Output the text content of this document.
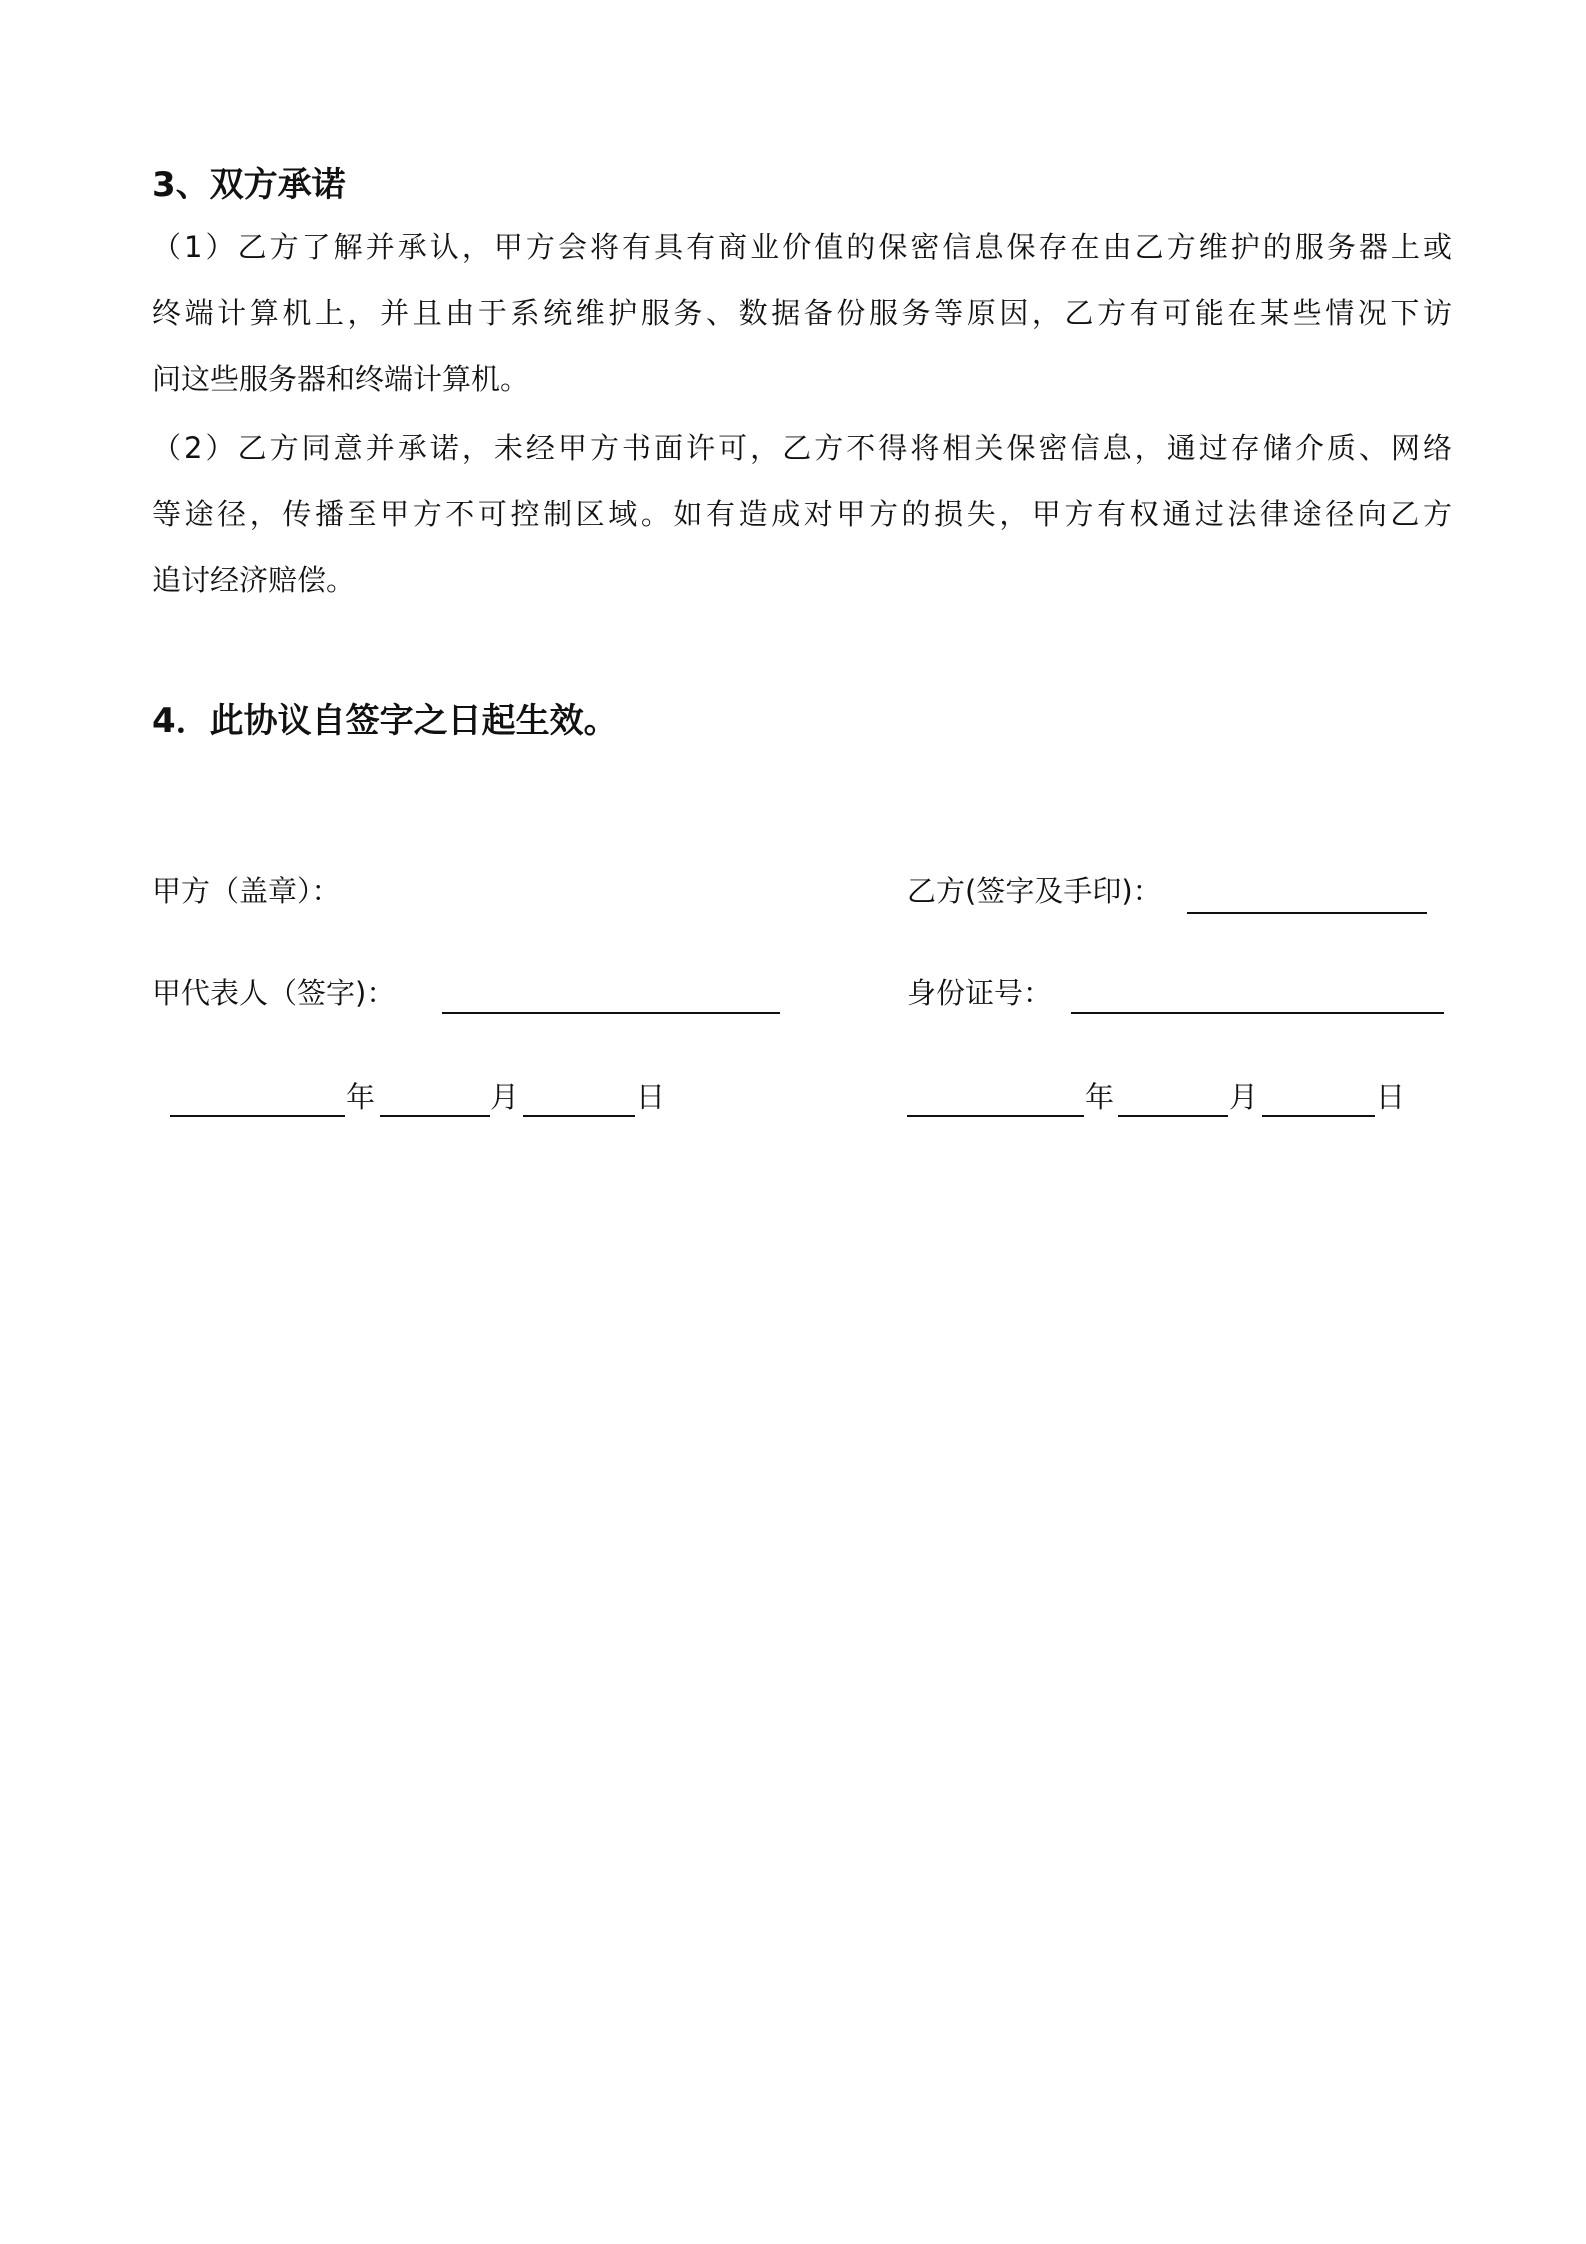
3、双方承诺
（1）乙方了解并承认，甲方会将有具有商业价值的保密信息保存在由乙方维护的服务器上或
终端计算机上，并且由于系统维护服务、数据备份服务等原因，乙方有可能在某些情况下访
问这些服务器和终端计算机。
（2）乙方同意并承诺，未经甲方书面许可，乙方不得将相关保密信息，通过存储介质、网络
等途径，传播至甲方不可控制区域。如有造成对甲方的损失，甲方有权通过法律途径向乙方
追讨经济赔偿。
4．此协议自签字之日起生效。
甲方（盖章）：	乙方(签字及手印)：
甲代表人（签字)：	身份证号：
年	月	日	年	月	日
